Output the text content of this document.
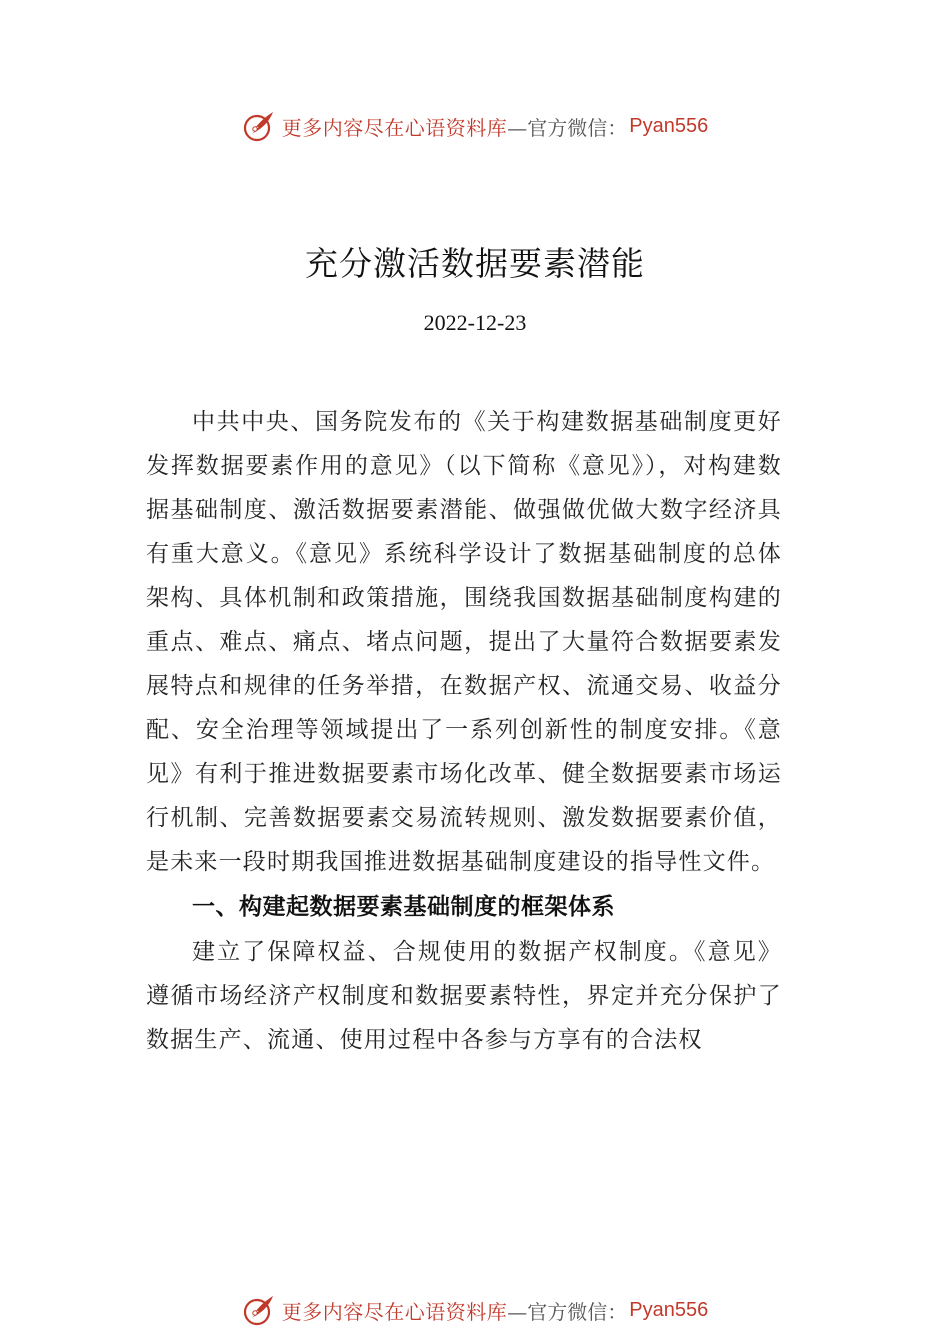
更多内容尽在心语资料库 —官方微信： Pyan556
充分激活数据要素潜能
2022-12-23

中共中央、国务院发布的《关于构建数据基础制度更好发挥数据要素作用的意见》（以下简称《意见》），对构建数据基础制度、激活数据要素潜能、做强做优做大数字经济具有重大意义。《意见》系统科学设计了数据基础制度的总体架构、具体机制和政策措施，围绕我国数据基础制度构建的重点、难点、痛点、堵点问题，提出了大量符合数据要素发展特点和规律的任务举措，在数据产权、流通交易、收益分配、安全治理等领域提出了一系列创新性的制度安排。《意见》有利于推进数据要素市场化改革、健全数据要素市场运行机制、完善数据要素交易流转规则、激发数据要素价值，是未来一段时期我国推进数据基础制度建设的指导性文件。

一、构建起数据要素基础制度的框架体系

建立了保障权益、合规使用的数据产权制度。《意见》遵循市场经济产权制度和数据要素特性，界定并充分保护了数据生产、流通、使用过程中各参与方享有的合法权

更多内容尽在心语资料库 —官方微信： Pyan556
